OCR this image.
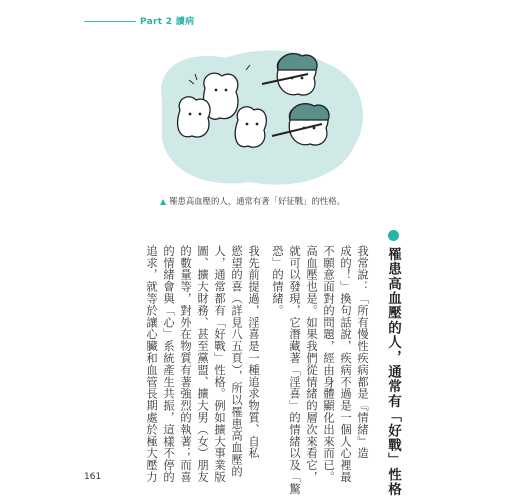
Part 2 讀病
▲ 罹患高血壓的人，通常有著「好征戰」的性格。
罹患高血壓的人，通常有「好戰」性格
我常說：「所有慢性疾病都是『情緒』造
成的！」換句話說，疾病不過是一個人心裡最
不願意面對的問題，經由身體顯化出來而已。
高血壓也是。如果我們從情緒的層次來看它，
就可以發現，它潛藏著「淫喜」的情緒以及「驚
恐」的情緒。
我先前提過，淫喜是一種追求物質、自私
慾望的喜（詳見八五頁），所以罹患高血壓的
人，通常都有「好戰」性格。例如擴大事業版
圖、擴大財務、甚至黨盟、擴大男（女）朋友
的數量等，對外在物質有著強烈的執著；而喜
的情緒會與「心」系統產生共振，這樣不停的
追求，就等於讓心臟和血管長期處於極大壓力
161
